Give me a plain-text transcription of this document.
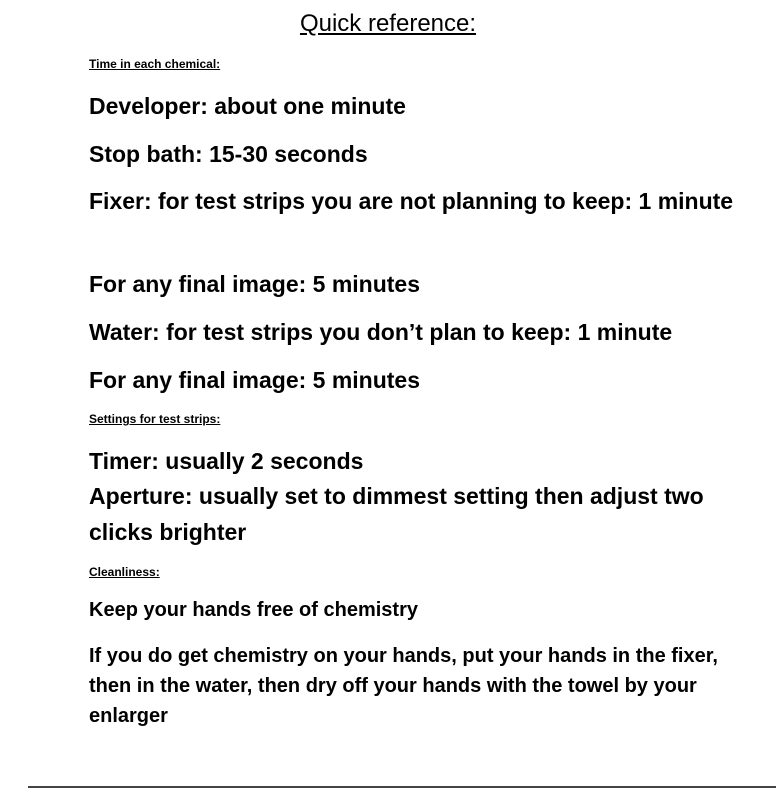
Quick reference:
Time in each chemical:
Developer: about one minute
Stop bath: 15-30 seconds
Fixer: for test strips you are not planning to keep: 1 minute
For any final image: 5 minutes
Water: for test strips you don’t plan to keep: 1 minute
For any final image: 5 minutes
Settings for test strips:
Timer: usually 2 seconds
Aperture: usually set to dimmest setting then adjust two clicks brighter
Cleanliness:
Keep your hands free of chemistry
If you do get chemistry on your hands, put your hands in the fixer, then in the water, then dry off your hands with the towel by your enlarger
